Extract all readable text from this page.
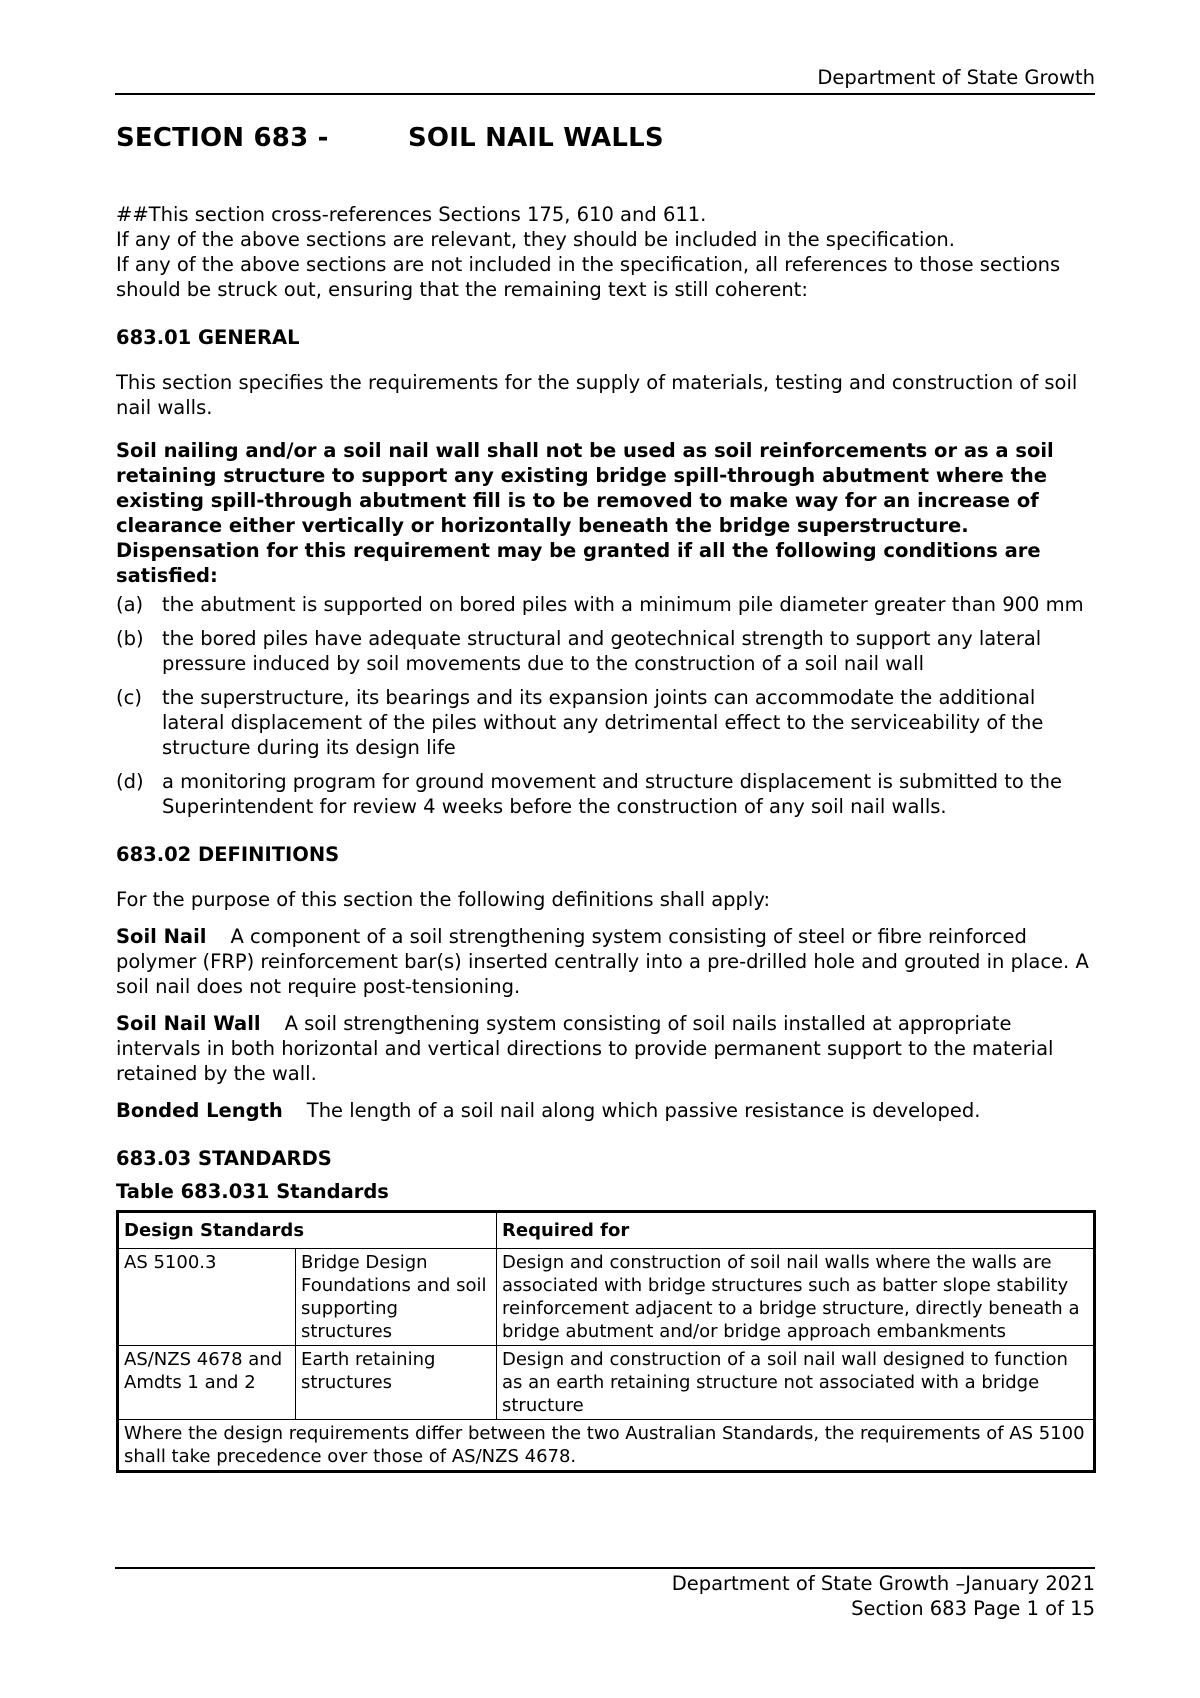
Department of State Growth
SECTION 683 -	SOIL NAIL WALLS

##This section cross-references Sections 175, 610 and 611.

If any of the above sections are relevant, they should be included in the specification.

If any of the above sections are not included in the specification, all references to those sections should be struck out, ensuring that the remaining text is still coherent:

683.01 GENERAL

This section specifies the requirements for the supply of materials, testing and construction of soil nail walls.

Soil nailing and/or a soil nail wall shall not be used as soil reinforcements or as a soil retaining structure to support any existing bridge spill-through abutment where the existing spill-through abutment fill is to be removed to make way for an increase of clearance either vertically or horizontally beneath the bridge superstructure. Dispensation for this requirement may be granted if all the following conditions are satisfied:

(a) the abutment is supported on bored piles with a minimum pile diameter greater than 900 mm
(b) the bored piles have adequate structural and geotechnical strength to support any lateral pressure induced by soil movements due to the construction of a soil nail wall
(c)	the superstructure, its bearings and its expansion joints can accommodate the additional lateral displacement of the piles without any detrimental effect to the serviceability of the structure during its design life
(d) a monitoring program for ground movement and structure displacement is submitted to the Superintendent for review 4 weeks before the construction of any soil nail walls.

683.02 DEFINITIONS

For the purpose of this section the following definitions shall apply:

Soil Nail A component of a soil strengthening system consisting of steel or fibre reinforced polymer (FRP) reinforcement bar(s) inserted centrally into a pre-drilled hole and grouted in place. A soil nail does not require post-tensioning.

Soil Nail Wall A soil strengthening system consisting of soil nails installed at appropriate intervals in both horizontal and vertical directions to provide permanent support to the material retained by the wall.

Bonded Length The length of a soil nail along which passive resistance is developed.

683.03 STANDARDS

Table 683.031 Standards

Design Standards		Required for
AS 5100.3	Bridge Design Foundations and soil supporting structures	Design and construction of soil nail walls where the walls are associated with bridge structures such as batter slope stability reinforcement adjacent to a bridge structure, directly beneath a bridge abutment and/or bridge approach embankments
AS/NZS 4678 and Amdts 1 and 2	Earth retaining structures	Design and construction of a soil nail wall designed to function as an earth retaining structure not associated with a bridge structure
Where the design requirements differ between the two Australian Standards, the requirements of AS 5100 shall take precedence over those of AS/NZS 4678.		
Department of State Growth –January 2021
Section 683 Page 1 of 15
